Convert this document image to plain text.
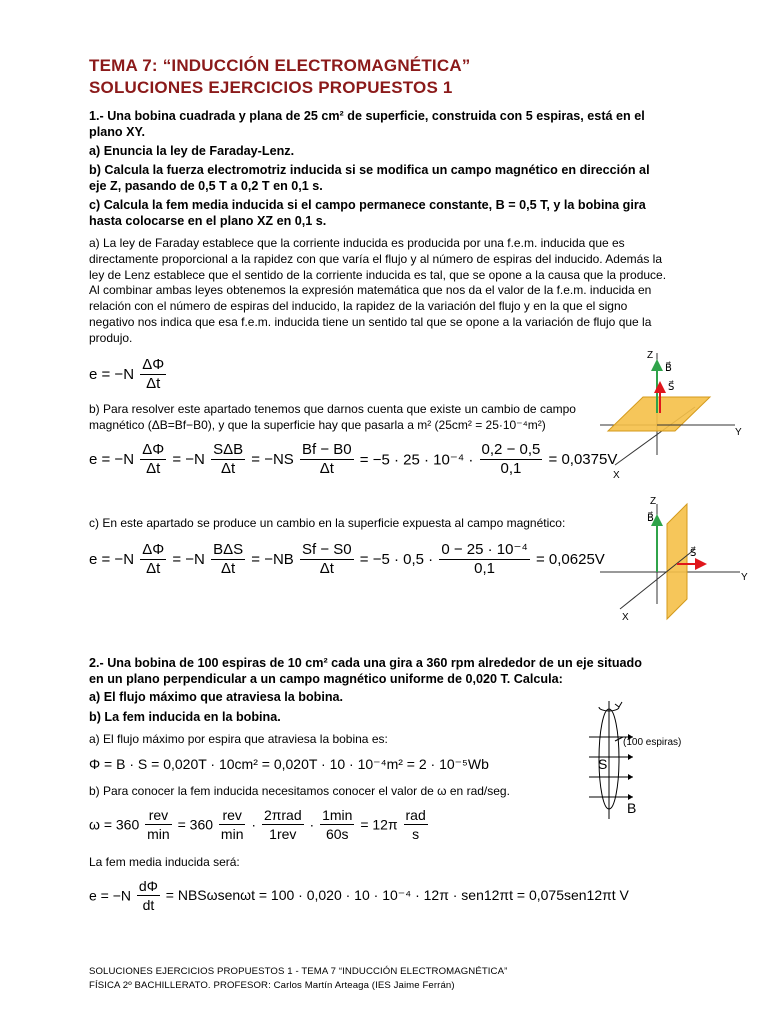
TEMA 7: “INDUCCIÓN ELECTROMAGNÉTICA”
SOLUCIONES EJERCICIOS PROPUESTOS 1
1.- Una bobina cuadrada y plana de 25 cm² de superficie, construida con 5 espiras, está en el
plano XY.
a) Enuncia la ley de Faraday-Lenz.
b) Calcula la fuerza electromotriz inducida si se modifica un campo magnético en dirección al
eje Z, pasando de 0,5 T a 0,2 T en 0,1 s.
c) Calcula la fem media inducida si el campo permanece constante, B = 0,5 T, y la bobina gira
hasta colocarse en el plano XZ en 0,1 s.
a) La ley de Faraday establece que la corriente inducida es producida por una f.e.m. inducida que es
directamente proporcional a la rapidez con que varía el flujo y al número de espiras del inducido. Además la
ley de Lenz establece que el sentido de la corriente inducida es tal, que se opone a la causa que la produce.
Al combinar ambas leyes obtenemos la expresión matemática que nos da el valor de la f.e.m. inducida en
relación con el número de espiras del inducido, la rapidez de la variación del flujo y en la que el signo
negativo nos indica que esa f.e.m. inducida tiene un sentido tal que se opone a la variación de flujo que la
produjo.
$e = -N \frac{\Delta\Phi}{\Delta t}$
b) Para resolver este apartado tenemos que darnos cuenta que existe un cambio de campo
magnético (ΔB=Bf−B0), y que la superficie hay que pasarla a m² (25cm² = 25·10⁻⁴m²)
$e = -N \frac{\Delta\Phi}{\Delta t} = -N \frac{\text{SΔB}}{\Delta t} = -NS \frac{Bf - B0}{\Delta t} = -5 \cdot 25 \cdot 10^{-4} \cdot \frac{0,2 - 0,5}{0,1} = 0,0375V$
c) En este apartado se produce un cambio en la superficie expuesta al campo magnético:
$e = -N \frac{\Delta\Phi}{\Delta t} = -N \frac{\text{BΔS}}{\Delta t} = -NB \frac{Sf - S0}{\Delta t} = -5 \cdot 0,5 \cdot \frac{\text{0 − 25 · 10⁻⁴}}{0,1} = 0,0625V$
Z
B⃗
S⃗
Y
X
Z
B⃗
S⃗
Y
X
2.- Una bobina de 100 espiras de 10 cm² cada una gira a 360 rpm alrededor de un eje situado
en un plano perpendicular a un campo magnético uniforme de 0,020 T. Calcula:
a) El flujo máximo que atraviesa la bobina.
b) La fem inducida en la bobina.
a) El flujo máximo por espira que atraviesa la bobina es:
Φ = B · S = 0,020T · 10cm² = 0,020T · 10 · 10⁻⁴m² = 2 · 10⁻⁵Wb
b) Para conocer la fem inducida necesitamos conocer el valor de ω en rad/seg.
$\omega = 360 \frac{\text{rev}}{\min} = 360 \frac{\text{rev}}{\min} \cdot \frac{\text{2πrad}}{\text{1rev}} \cdot \frac{1\min}{60s} = 12\pi \frac{\text{rad}}{s}$
La fem media inducida será:
$e = -N \frac{d\Phi}{dt} = NBS\omega sen\omega t = 100 \cdot 0,020 \cdot 10 \cdot 10^{-4} \cdot 12\pi \cdot sen12\pi t = 0,075sen12\pi t$ V
(100 espiras)
S
B
SOLUCIONES EJERCICIOS PROPUESTOS 1 - TEMA 7 “INDUCCIÓN ELECTROMAGNÉTICA”
FÍSICA 2º BACHILLERATO. PROFESOR: Carlos Martín Arteaga (IES Jaime Ferrán)
